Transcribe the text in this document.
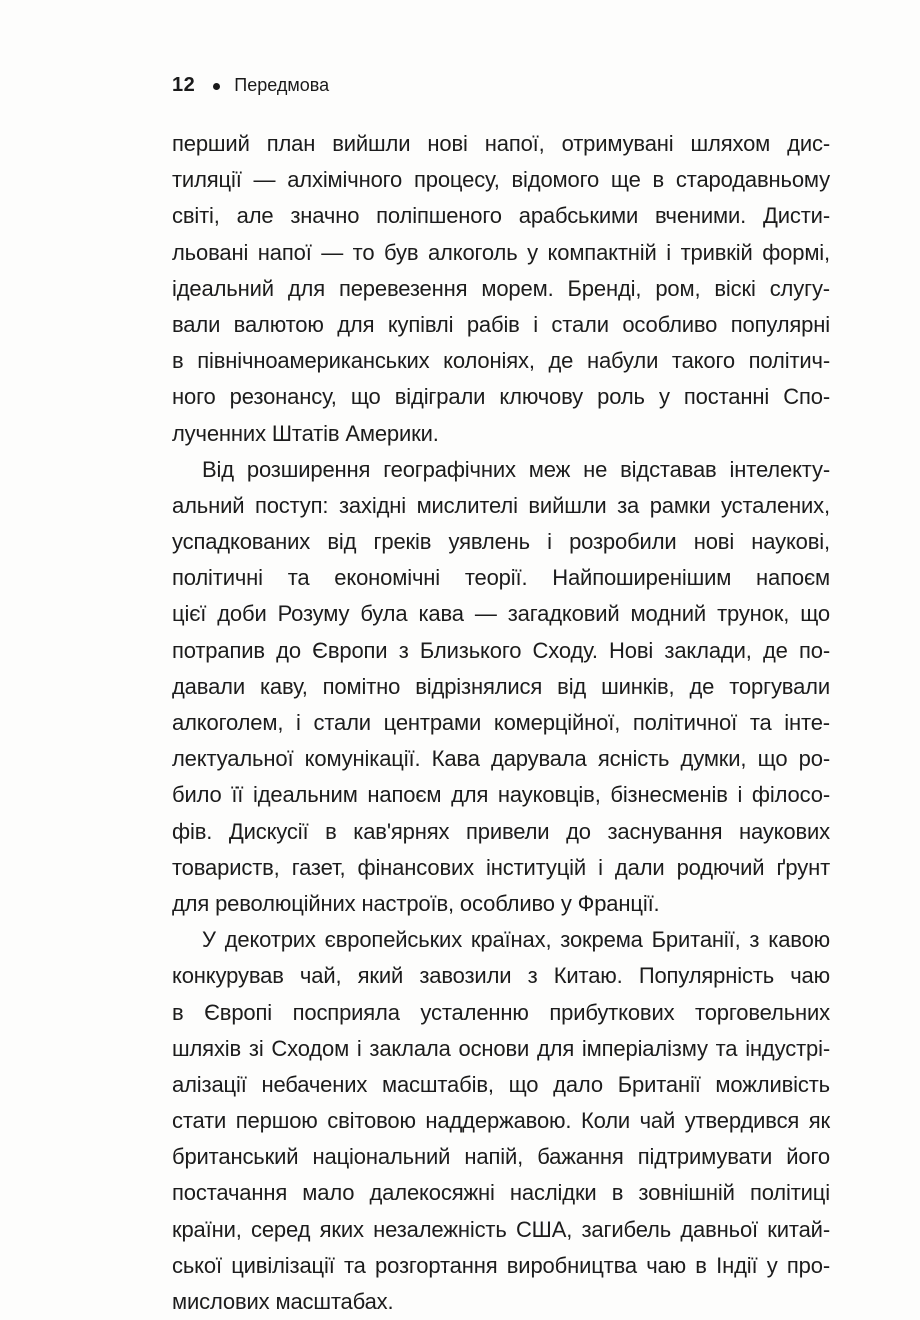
12 Передмова
перший план вийшли нові напої, отримувані шляхом дис-
тиляції — алхімічного процесу, відомого ще в стародавньому
світі, але значно поліпшеного арабськими вченими. Дисти-
льовані напої — то був алкоголь у компактній і тривкій формі,
ідеальний для перевезення морем. Бренді, ром, віскі слугу-
вали валютою для купівлі рабів і стали особливо популярні
в північноамериканських колоніях, де набули такого політич-
ного резонансу, що відіграли ключову роль у постанні Спо-
лученних Штатів Америки.
Від розширення географічних меж не відставав інтелекту-
альний поступ: західні мислителі вийшли за рамки усталених,
успадкованих від греків уявлень і розробили нові наукові,
політичні та економічні теорії. Найпоширенішим напоєм
цієї доби Розуму була кава — загадковий модний трунок, що
потрапив до Європи з Близького Сходу. Нові заклади, де по-
давали каву, помітно відрізнялися від шинків, де торгували
алкоголем, і стали центрами комерційної, політичної та інте-
лектуальної комунікації. Кава дарувала ясність думки, що ро-
било її ідеальним напоєм для науковців, бізнесменів і філосо-
фів. Дискусії в кав'ярнях привели до заснування наукових
товариств, газет, фінансових інституцій і дали родючий ґрунт
для революційних настроїв, особливо у Франції.
У декотрих європейських країнах, зокрема Британії, з кавою
конкурував чай, який завозили з Китаю. Популярність чаю
в Європі посприяла усталенню прибуткових торговельних
шляхів зі Сходом і заклала основи для імперіалізму та індустрі-
алізації небачених масштабів, що дало Британії можливість
стати першою світовою наддержавою. Коли чай утвердився як
британський національний напій, бажання підтримувати його
постачання мало далекосяжні наслідки в зовнішній політиці
країни, серед яких незалежність США, загибель давньої китай-
ської цивілізації та розгортання виробництва чаю в Індії у про-
мислових масштабах.
